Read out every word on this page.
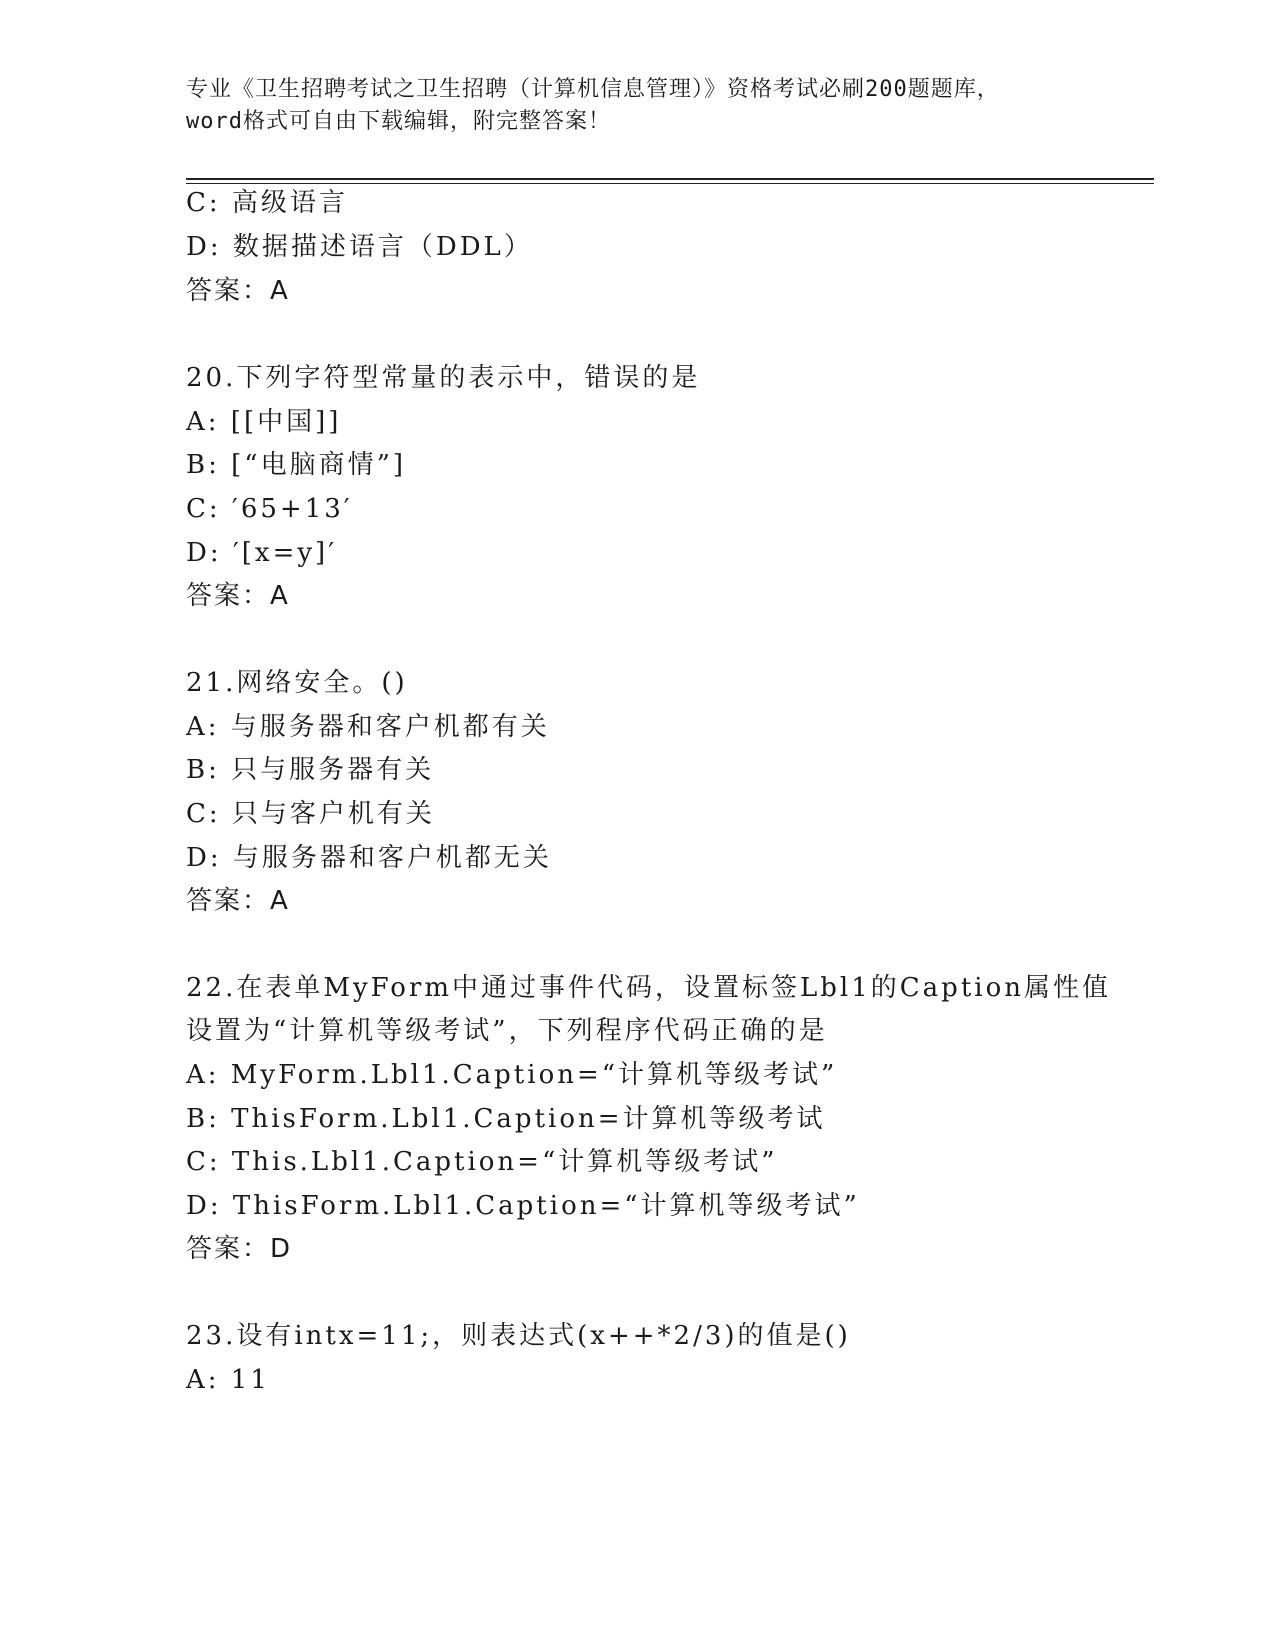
专业《卫生招聘考试之卫生招聘（计算机信息管理）》资格考试必刷200题题库，
word格式可自由下载编辑，附完整答案！
C: 高级语言
D: 数据描述语言（DDL）
答案：A
20.下列字符型常量的表示中，错误的是
A: [[中国]]
B: [“电脑商情”]
C: ′65+13′
D: ′[x=y]′
答案：A
21.网络安全。()
A: 与服务器和客户机都有关
B: 只与服务器有关
C: 只与客户机有关
D: 与服务器和客户机都无关
答案：A
22.在表单MyForm中通过事件代码，设置标签Lbl1的Caption属性值
设置为“计算机等级考试”，下列程序代码正确的是
A: MyForm.Lbl1.Caption=“计算机等级考试”
B: ThisForm.Lbl1.Caption=计算机等级考试
C: This.Lbl1.Caption=“计算机等级考试”
D: ThisForm.Lbl1.Caption=“计算机等级考试”
答案：D
23.设有intx=11;，则表达式(x++*2/3)的值是()
A: 11
